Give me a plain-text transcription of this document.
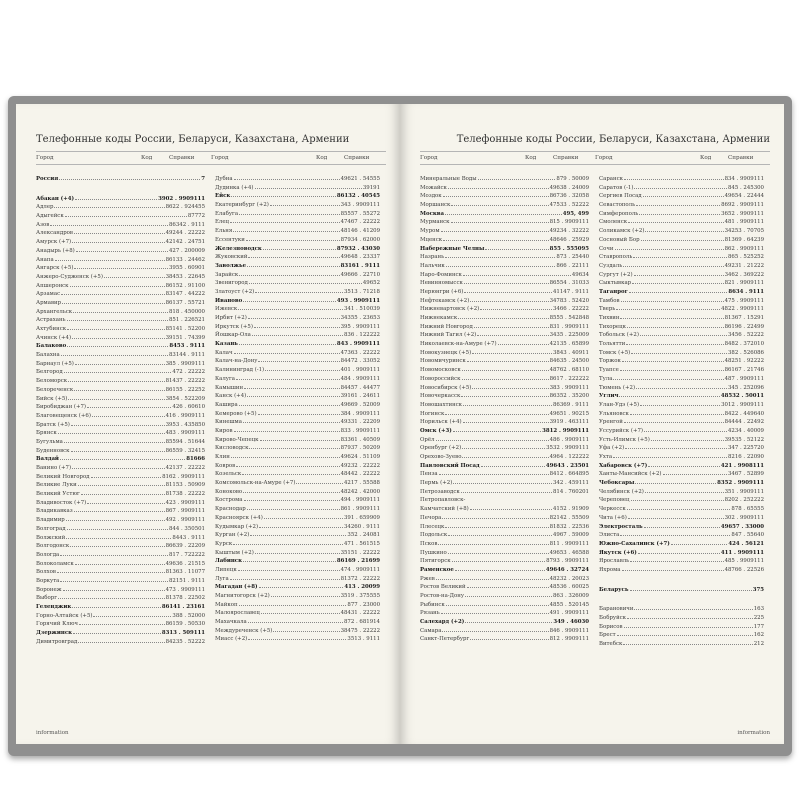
Телефонные коды России, Беларуси, Казахстана, Армении
Город	Код	Справки	Город	Код	Справки
Россия	7
Абакан (+4)	3902 . 9909111
Адлер	8622 . 924455
Адыгейск	87772
Азов	86342 . 9111
Александров	49244 . 22222
Амурск (+7)	42142 . 24751
Анадырь (+8)	427 . 200009
Анапа	86133 . 24462
Ангарск (+5)	3955 . 60901
Анжеро-Судженск (+5)	38453 . 22645
Апшеронск	86152 . 91100
Арзамас	83147 . 44222
Армавир	86137 . 55721
Архангельск	818 . 450000
Астрахань	851 . 226521
Ахтубинск	85141 . 52200
Ачинск (+4)	39151 . 74399
Балаково	8453 . 9111
Балахна	83144 . 9111
Барнаул (+5)	385 . 9909111
Белгород	472 . 22222
Беломорск	81437 . 22222
Белореченск	86155 . 22252
Бийск (+5)	3854 . 522209
Биробиджан (+7)	426 . 60610
Благовещенск (+6)	416 . 9909111
Братск (+5)	3953 . 435850
Брянск	483 . 9909111
Бугульма	85594 . 51644
Буденновск	86559 . 32415
Валдай	81666
Ванино (+7)	42137 . 22222
Великий Новгород	8162 . 9909111
Великие Луки	81153 . 50909
Великий Устюг	81738 . 22222
Владивосток (+7)	423 . 9909111
Владикавказ	867 . 9909111
Владимир	492 . 9909111
Волгоград	844 . 350501
Волжский	8443 . 9111
Волгодонск	86639 . 22209
Вологда	817 . 722222
Волоколамск	49636 . 21515
Волхов	81363 . 11077
Воркута	82151 . 9111
Воронеж	473 . 9909111
Выборг	81378 . 22502
Геленджик	86141 . 23161
Горно-Алтайск (+5)	388 . 52000
Горячий Ключ	86159 . 50530
Дзержинск	8313 . 509111
Димитровград	84235 . 52222
Дубна	49621 . 54555
Дудинка (+4)	39191
Ейск	86132 . 40545
Екатеринбург (+2)	343 . 9909111
Елабуга	85557 . 55272
Елец	47467 . 22222
Ельня	48146 . 41209
Ессентуки	87934 . 62000
Железноводск	87932 . 43030
Жуковский	49648 . 23337
Заволжье	83161 . 9111
Зарайск	49666 . 22710
Звенигород	49652
Златоуст (+2)	3513 . 71218
Иваново	493 . 9909111
Ижевск	341 . 510039
Ирбит (+2)	34355 . 23653
Иркутск (+5)	395 . 9909111
Йошкар-Ола	836 . 122222
Казань	843 . 9909111
Калач	47363 . 22222
Калач-на-Дону	84472 . 33052
Калининград (-1)	401 . 9909111
Калуга	484 . 9909111
Камышин	84457 . 44477
Канск (+4)	39161 . 24611
Кашира	49669 . 52009
Кемерово (+5)	384 . 9909111
Кинешма	49331 . 22209
Киров	833 . 9909111
Кирово-Чепецк	83361 . 40509
Кисловодск	87937 . 50209
Клин	49624 . 51109
Ковров	49232 . 22222
Козельск	48442 . 22222
Комсомольск-на-Амуре (+7)	4217 . 55588
Коноково	48242 . 42000
Кострома	494 . 9909111
Краснодар	861 . 9909111
Красноярск (+4)	391 . 659909
Кудымкар (+2)	34260 . 9111
Курган (+2)	352 . 24081
Курск	471 . 561515
Кыштым (+2)	35151 . 22222
Лабинск	86169 . 21699
Липецк	474 . 9909111
Луга	81372 . 22222
Магадан (+8)	413 . 20099
Магнитогорск (+2)	3519 . 375555
Майкоп	877 . 23000
Малоярославец	48431 . 22222
Махачкала	872 . 681914
Междуреченск (+5)	38475 . 22222
Миасс (+2)	3513 . 9111
information
Телефонные коды России, Беларуси, Казахстана, Армении
Город	Код	Справки	Город	Код	Справки
Минеральные Воды	879 . 50009
Можайск	49638 . 24009
Моздок	86736 . 32058
Моршанск	47533 . 52222
Москва	495, 499
Мурманск	815 . 9909111
Муром	49234 . 32222
Мценск	48646 . 25929
Набережные Челны	855 . 555095
Назрань	873 . 25440
Нальчик	866 . 22111
Наро-Фоминск	49634
Невинномысск	86554 . 31033
Нерюнгри (+6)	41147 . 9111
Нефтекамск (+2)	34783 . 52420
Нижневартовск (+2)	3466 . 22222
Нижнекамск	8555 . 542848
Нижний Новгород	831 . 9909111
Нижний Тагил (+2)	3435 . 225009
Николаевск-на-Амуре (+7)	42135 . 65899
Новокузнецк (+5)	3843 . 40911
Новомичуринск	84635 . 24500
Новомосковск	48762 . 68110
Новороссийск	8617 . 222222
Новосибирск (+5)	383 . 9909111
Новочеркасск	86352 . 35200
Новошахтинск	86369 . 9111
Ногинск	49651 . 90215
Норильск (+4)	3919 . 463111
Омск (+3)	3812 . 9909111
Орёл	486 . 9909111
Оренбург (+2)	3532 . 9909111
Орехово-Зуево	4964 . 122222
Павловский Посад	49643 . 23501
Пенза	8412 . 664895
Пермь (+2)	342 . 459111
Петрозаводск	814 . 760201
Петропавловск-
Камчатский (+8)	4152 . 91909
Печора	82142 . 55509
Плесецк	81832 . 22536
Подольск	4967 . 59009
Псков	811 . 9909111
Пушкино	49653 . 46588
Пятигорск	8793 . 9909111
Раменское	49646 . 32724
Ржев	48232 . 20023
Ростов Великий	48536 . 60025
Ростов-на-Дону	863 . 326009
Рыбинск	4855 . 520145
Рязань	491 . 9909111
Салехард (+2)	349 . 46030
Самара	846 . 9909111
Санкт-Петербург	812 . 9909111
Саранск	834 . 9909111
Саратов (-1)	845 . 245300
Сергиев Посад	49654 . 22444
Севастополь	8692 . 9909111
Симферополь	3652 . 9909111
Смоленск	481 . 9909111
Соликамск (+2)	34253 . 70705
Сосновый Бор	81369 . 64239
Сочи	862 . 9909111
Ставрополь	865 . 525252
Суздаль	49231 . 21222
Сургут (+2)	3462 . 369222
Сыктывкар	821 . 9909111
Таганрог	8634 . 9111
Тамбов	475 . 9909111
Тверь	4822 . 9909111
Тихвин	81367 . 15291
Тихорецк	86196 . 22499
Тобольск (+2)	3456 . 52222
Тольятти	8482 . 372010
Томск (+5)	382 . 526086
Торжок	48251 . 92222
Туапсе	86167 . 21746
Тула	487 . 9909111
Тюмень (+2)	345 . 252096
Углич	48532 . 50011
Улан-Удэ (+5)	3012 . 9909111
Ульяновск	8422 . 449640
Уренгой	84444 . 22492
Уссурийск (+7)	4234 . 40009
Усть-Илимск (+5)	39535 . 52122
Уфа (+2)	347 . 225720
Ухта	8216 . 22090
Хабаровск (+7)	421 . 9908111
Ханты-Мансийск (+2)	3467 . 52899
Чебоксары	8352 . 9909111
Челябинск (+2)	351 . 9909111
Череповец	8202 . 252222
Черкесск	878 . 65555
Чита (+6)	302 . 9909111
Электросталь	49657 . 33000
Элиста	847 . 55640
Южно-Сахалинск (+7)	424 . 56121
Якутск (+6)	411 . 9909111
Ярославль	485 . 9909111
Яхрома	48766 . 22526
Беларусь	375
Барановичи	163
Бобруйск	225
Борисов	177
Брест	162
Витебск	212
information
